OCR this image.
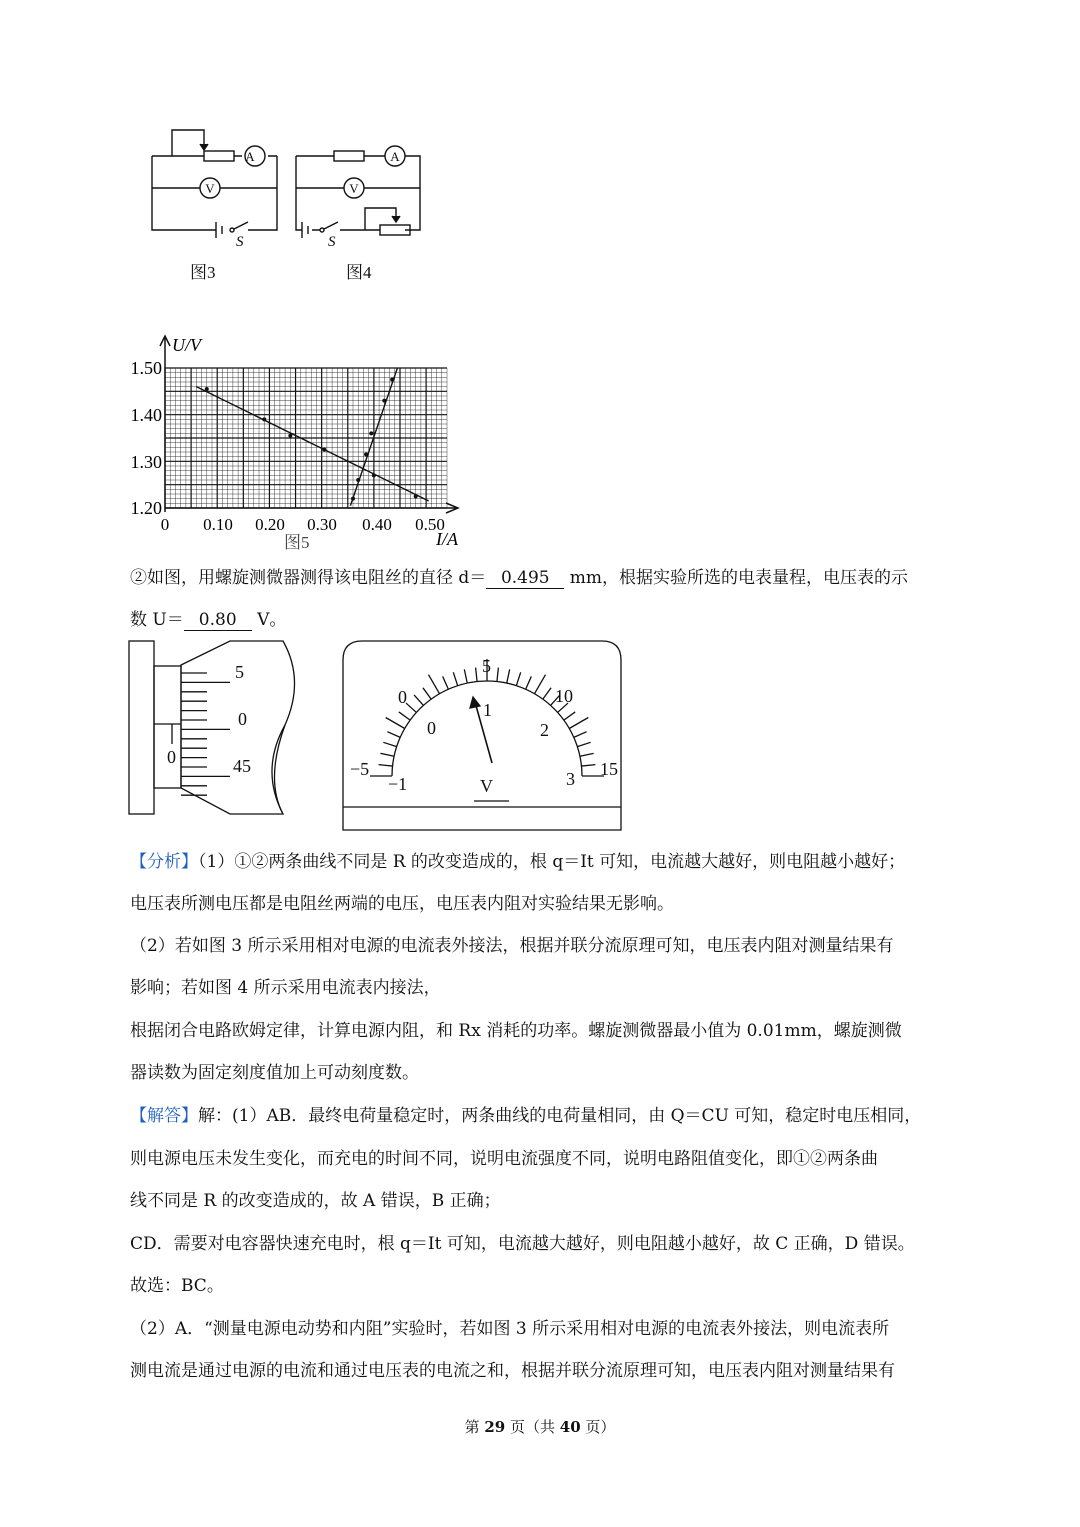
A
V
S
图3
A
V
S
图4
U/V
1.50
1.40
1.30
1.20
0 0.10 0.20 0.30 0.40 0.50
图5	I/A
②如图，用螺旋测微器测得该电阻丝的直径 d＝ 0.495 mm，根据实验所选的电表量程，电压表的示
数 U＝ 0.80 V。
5
0
45
0
V
−5
0
5
10
15
−1
0
1
2
3
【分析】（1）①②两条曲线不同是 R 的改变造成的，根 q＝It 可知，电流越大越好，则电阻越小越好；
电压表所测电压都是电阻丝两端的电压，电压表内阻对实验结果无影响。
（2）若如图 3 所示采用相对电源的电流表外接法，根据并联分流原理可知，电压表内阻对测量结果有
影响；若如图 4 所示采用电流表内接法，
根据闭合电路欧姆定律，计算电源内阻，和 Rx 消耗的功率。螺旋测微器最小值为 0.01mm，螺旋测微
器读数为固定刻度值加上可动刻度数。
【解答】解：(1）AB．最终电荷量稳定时，两条曲线的电荷量相同，由 Q＝CU 可知，稳定时电压相同，
则电源电压未发生变化，而充电的时间不同，说明电流强度不同，说明电路阻值变化，即①②两条曲
线不同是 R 的改变造成的，故 A 错误，B 正确；
CD．需要对电容器快速充电时，根 q＝It 可知，电流越大越好，则电阻越小越好，故 C 正确，D 错误。
故选：BC。
（2）A．“测量电源电动势和内阻”实验时，若如图 3 所示采用相对电源的电流表外接法，则电流表所
测电流是通过电源的电流和通过电压表的电流之和，根据并联分流原理可知，电压表内阻对测量结果有
第 29 页（共 40 页）
